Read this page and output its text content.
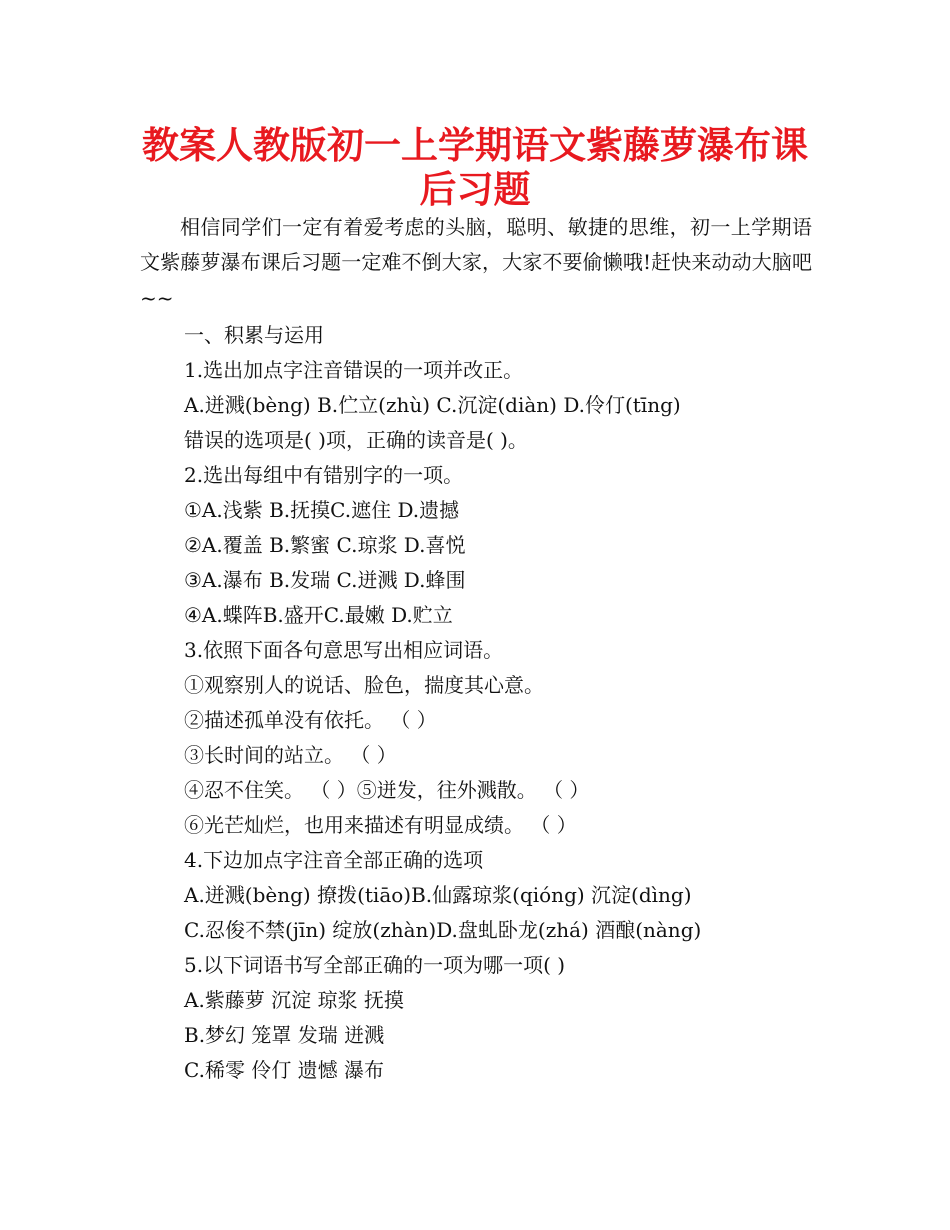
教案人教版初一上学期语文紫藤萝瀑布课
后习题

相信同学们一定有着爱考虑的头脑，聪明、敏捷的思维，初一上学期语文紫藤萝瀑布课后习题一定难不倒大家，大家不要偷懒哦!赶快来动动大脑吧~~

一、积累与运用

1.选出加点字注音错误的一项并改正。

A.迸溅(bèng) B.伫立(zhù) C.沉淀(diàn) D.伶仃(tīng)

错误的选项是( )项，正确的读音是( )。

2.选出每组中有错别字的一项。

①A.浅紫 B.抚摸C.遮住 D.遗撼

②A.覆盖 B.繁蜜 C.琼浆 D.喜悦

③A.瀑布 B.发瑞 C.迸溅 D.蜂围

④A.蝶阵B.盛开C.最嫩 D.贮立

3.依照下面各句意思写出相应词语。

①观察别人的说话、脸色，揣度其心意。

②描述孤单没有依托。 （ ）

③长时间的站立。 （ ）

④忍不住笑。 （ ）⑤迸发，往外溅散。 （ ）

⑥光芒灿烂，也用来描述有明显成绩。 （ ）

4.下边加点字注音全部正确的选项

A.迸溅(bèng) 撩拨(tiāo)B.仙露琼浆(qióng) 沉淀(dìng)

C.忍俊不禁(jīn) 绽放(zhàn)D.盘虬卧龙(zhá) 酒酿(nàng)

5.以下词语书写全部正确的一项为哪一项( )

A.紫藤萝 沉淀 琼浆 抚摸

B.梦幻 笼罩 发瑞 迸溅

C.稀零 伶仃 遗憾 瀑布
